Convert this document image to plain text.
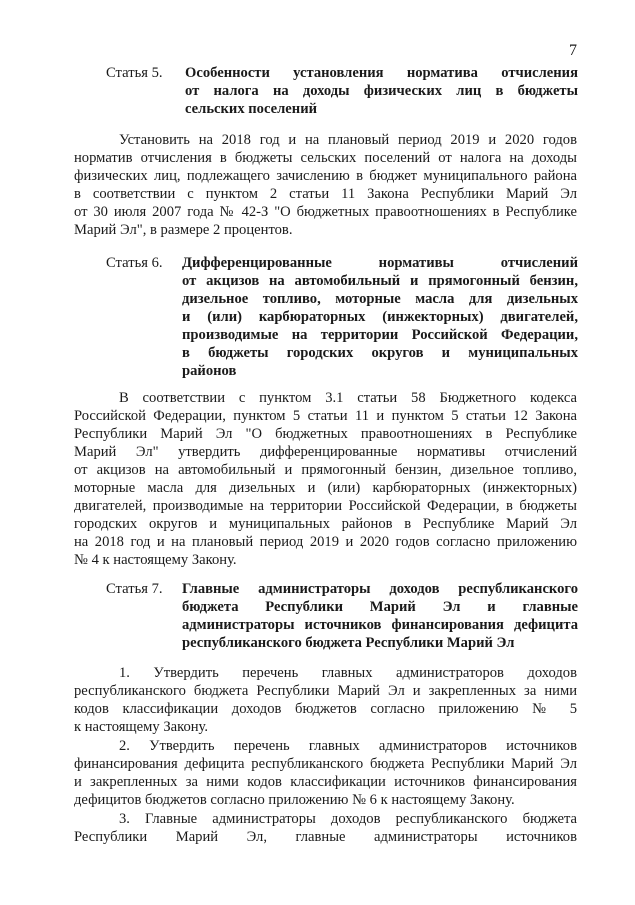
7
Статья 5. Особенности установления норматива отчисления
от налога на доходы физических лиц в бюджеты
сельских поселений
Установить на 2018 год и на плановый период 2019 и 2020 годов
норматив отчисления в бюджеты сельских поселений от налога на доходы
физических лиц, подлежащего зачислению в бюджет муниципального района
в соответствии с пунктом 2 статьи 11 Закона Республики Марий Эл
от 30 июля 2007 года № 42-З "О бюджетных правоотношениях в Республике
Марий Эл", в размере 2 процентов.
Статья 6. Дифференцированные нормативы отчислений
от акцизов на автомобильный и прямогонный бензин,
дизельное топливо, моторные масла для дизельных
и (или) карбюраторных (инжекторных) двигателей,
производимые на территории Российской Федерации,
в бюджеты городских округов и муниципальных
районов
В соответствии с пунктом 3.1 статьи 58 Бюджетного кодекса
Российской Федерации, пунктом 5 статьи 11 и пунктом 5 статьи 12 Закона
Республики Марий Эл "О бюджетных правоотношениях в Республике
Марий Эл" утвердить дифференцированные нормативы отчислений
от акцизов на автомобильный и прямогонный бензин, дизельное топливо,
моторные масла для дизельных и (или) карбюраторных (инжекторных)
двигателей, производимые на территории Российской Федерации, в бюджеты
городских округов и муниципальных районов в Республике Марий Эл
на 2018 год и на плановый период 2019 и 2020 годов согласно приложению
№ 4 к настоящему Закону.
Статья 7. Главные администраторы доходов республиканского
бюджета Республики Марий Эл и главные
администраторы источников финансирования дефицита
республиканского бюджета Республики Марий Эл
1. Утвердить перечень главных администраторов доходов
республиканского бюджета Республики Марий Эл и закрепленных за ними
кодов классификации доходов бюджетов согласно приложению № 5
к настоящему Закону.
2. Утвердить перечень главных администраторов источников
финансирования дефицита республиканского бюджета Республики Марий Эл
и закрепленных за ними кодов классификации источников финансирования
дефицитов бюджетов согласно приложению № 6 к настоящему Закону.
3. Главные администраторы доходов республиканского бюджета
Республики Марий Эл, главные администраторы источников
